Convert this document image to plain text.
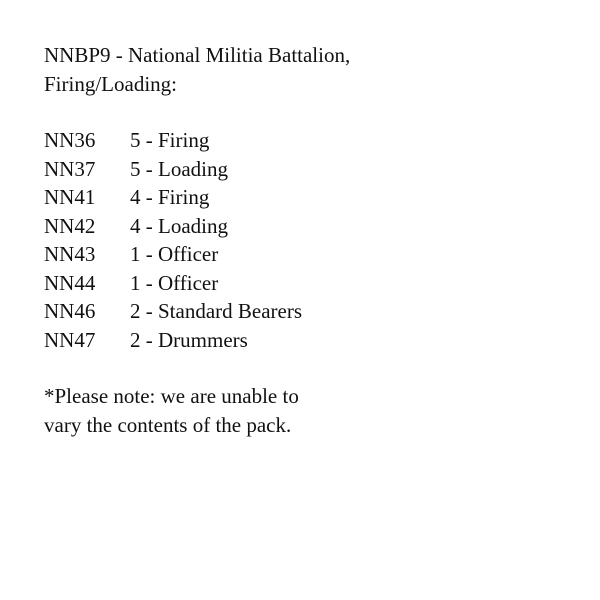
NNBP9 - National Militia Battalion,
Firing/Loading:
NN36	5 - Firing
NN37	5 - Loading
NN41	4 - Firing
NN42	4 - Loading
NN43	1 - Officer
NN44	1 - Officer
NN46	2 - Standard Bearers
NN47	2 - Drummers
*Please note: we are unable to
vary the contents of the pack.
